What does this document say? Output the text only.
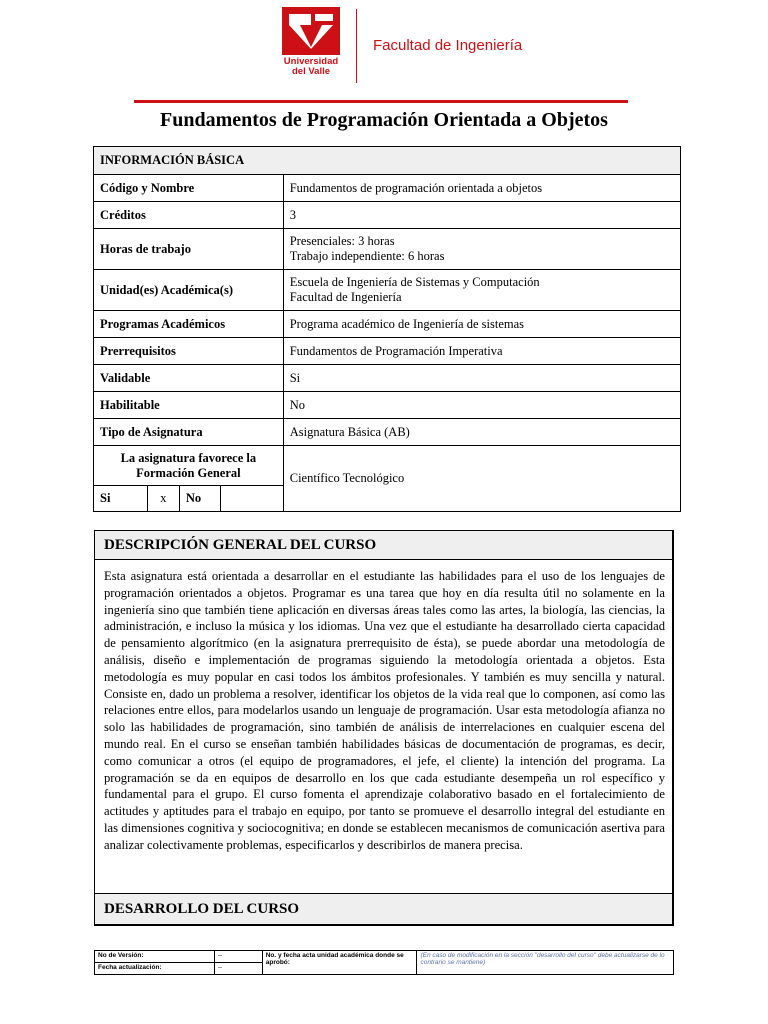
Universidad
del Valle
Facultad de Ingeniería
Fundamentos de Programación Orientada a Objetos
INFORMACIÓN BÁSICA				
Código y Nombre				Fundamentos de programación orientada a objetos
Créditos				3
Horas de trabajo				Presenciales: 3 horas
Trabajo independiente: 6 horas

Unidad(es) Académica(s)				Escuela de Ingeniería de Sistemas y Computación
Facultad de Ingeniería

Programas Académicos				Programa académico de Ingeniería de sistemas
Prerrequisitos				Fundamentos de Programación Imperativa
Validable				Si
Habilitable				No
Tipo de Asignatura				Asignatura Básica (AB)

La asignatura favorece la
Formación General				Científico Tecnológico
Si	x	No		
DESCRIPCIÓN GENERAL DEL CURSO
Esta asignatura está orientada a desarrollar en el estudiante las habilidades para el uso de los lenguajes de programación orientados a objetos. Programar es una tarea que hoy en día resulta útil no solamente en la ingeniería sino que también tiene aplicación en diversas áreas tales como las artes, la biología, las ciencias, la administración, e incluso la música y los idiomas. Una vez que el estudiante ha desarrollado cierta capacidad de pensamiento algorítmico (en la asignatura prerrequisito de ésta), se puede abordar una metodología de análisis, diseño e implementación de programas siguiendo la metodología orientada a objetos. Esta metodología es muy popular en casi todos los ámbitos profesionales. Y también es muy sencilla y natural. Consiste en, dado un problema a resolver, identificar los objetos de la vida real que lo componen, así como las relaciones entre ellos, para modelarlos usando un lenguaje de programación. Usar esta metodología afianza no solo las habilidades de programación, sino también de análisis de interrelaciones en cualquier escena del mundo real. En el curso se enseñan también habilidades básicas de documentación de programas, es decir, como comunicar a otros (el equipo de programadores, el jefe, el cliente) la intención del programa. La programación se da en equipos de desarrollo en los que cada estudiante desempeña un rol específico y fundamental para el grupo. El curso fomenta el aprendizaje colaborativo basado en el fortalecimiento de actitudes y aptitudes para el trabajo en equipo, por tanto se promueve el desarrollo integral del estudiante en las dimensiones cognitiva y sociocognitiva; en donde se establecen mecanismos de comunicación asertiva para analizar colectivamente problemas, especificarlos y describirlos de manera precisa.
DESARROLLO DEL CURSO
No de Versión:	--	No. y fecha acta unidad académica donde se aprobó:	(En caso de modificación en la sección "desarrollo del curso" debe actualizarse de lo contrario se mantiene)
Fecha actualización:	--		
